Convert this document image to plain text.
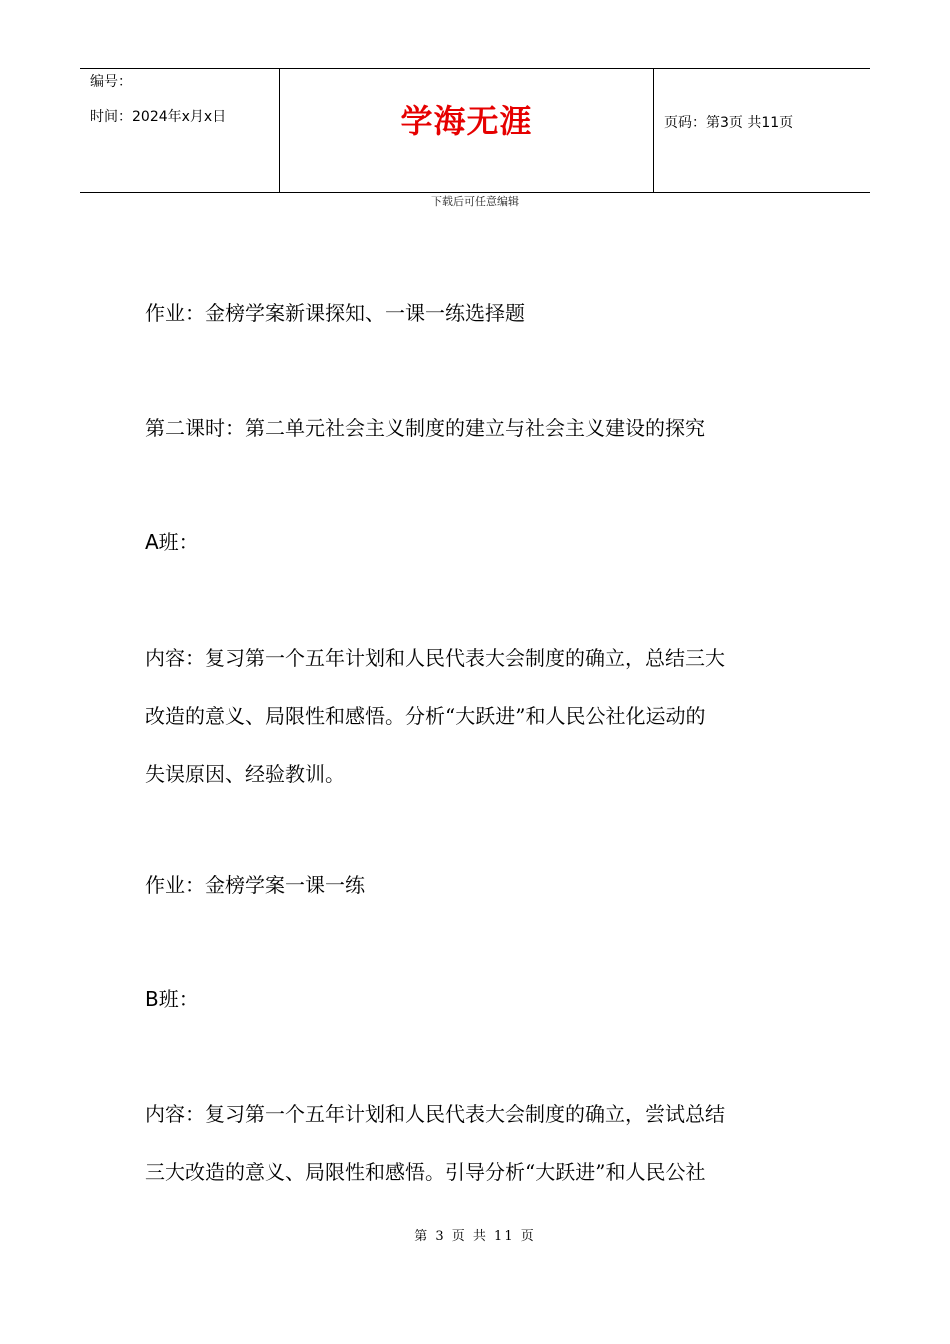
编号：
时间：2024年x月x日	学海无涯	页码：第3页 共11页
下载后可任意编辑
作业：金榜学案新课探知、一课一练选择题
第二课时：第二单元社会主义制度的建立与社会主义建设的探究
A班：
内容：复习第一个五年计划和人民代表大会制度的确立，总结三大
改造的意义、局限性和感悟。分析“大跃进”和人民公社化运动的
失误原因、经验教训。
作业：金榜学案一课一练
B班：
内容：复习第一个五年计划和人民代表大会制度的确立，尝试总结
三大改造的意义、局限性和感悟。引导分析“大跃进”和人民公社
第 3 页 共 11 页
